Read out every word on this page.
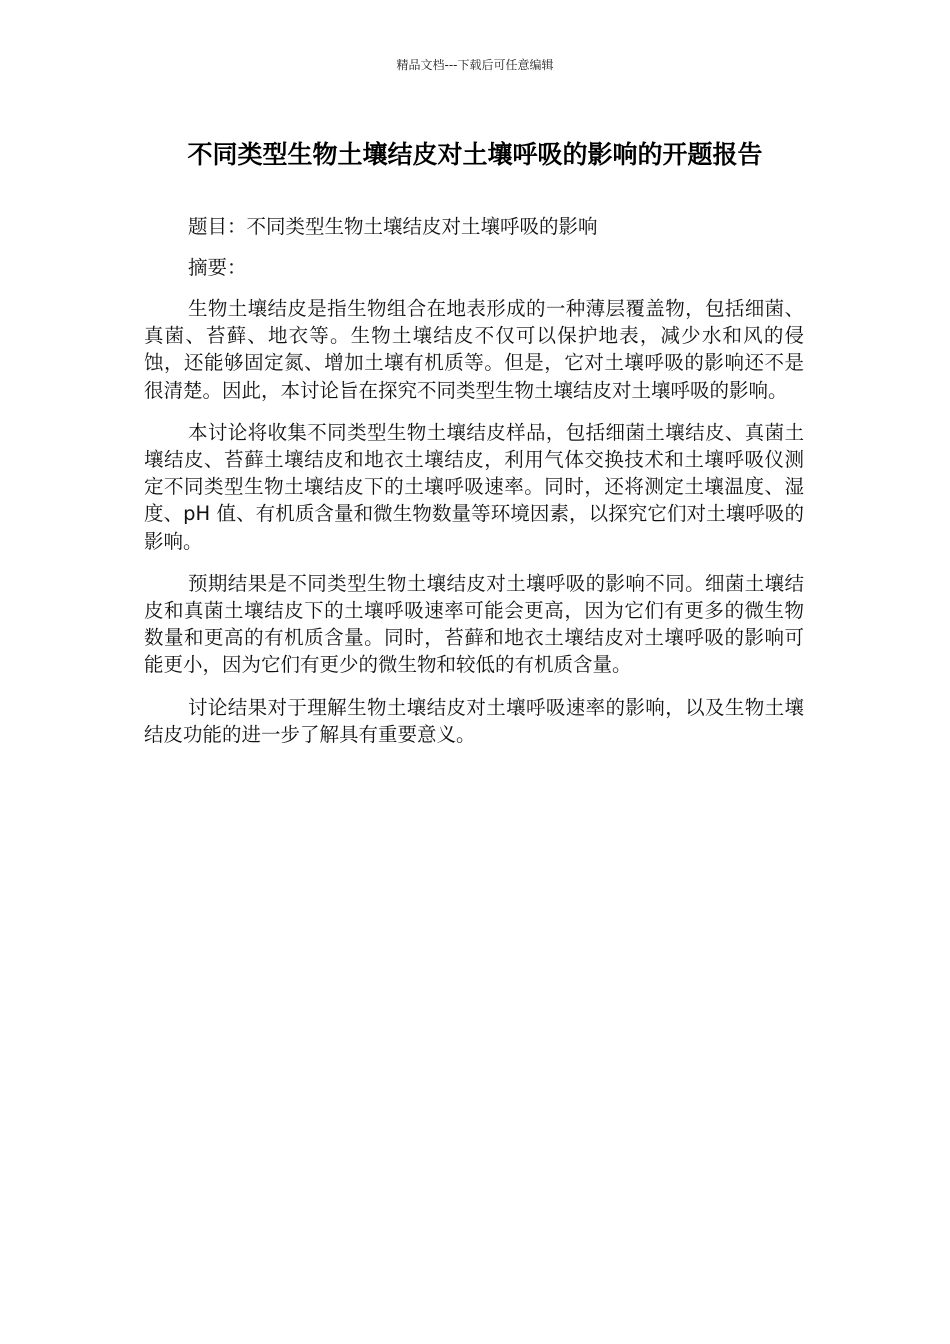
精品文档---下载后可任意编辑
不同类型生物土壤结皮对土壤呼吸的影响的开题报告

题目：不同类型生物土壤结皮对土壤呼吸的影响

摘要：

生物土壤结皮是指生物组合在地表形成的一种薄层覆盖物，包括细菌、真菌、苔藓、地衣等。生物土壤结皮不仅可以保护地表，减少水和风的侵蚀，还能够固定氮、增加土壤有机质等。但是，它对土壤呼吸的影响还不是很清楚。因此，本讨论旨在探究不同类型生物土壤结皮对土壤呼吸的影响。

本讨论将收集不同类型生物土壤结皮样品，包括细菌土壤结皮、真菌土壤结皮、苔藓土壤结皮和地衣土壤结皮，利用气体交换技术和土壤呼吸仪测定不同类型生物土壤结皮下的土壤呼吸速率。同时，还将测定土壤温度、湿度、pH 值、有机质含量和微生物数量等环境因素，以探究它们对土壤呼吸的影响。

预期结果是不同类型生物土壤结皮对土壤呼吸的影响不同。细菌土壤结皮和真菌土壤结皮下的土壤呼吸速率可能会更高，因为它们有更多的微生物数量和更高的有机质含量。同时，苔藓和地衣土壤结皮对土壤呼吸的影响可能更小，因为它们有更少的微生物和较低的有机质含量。

讨论结果对于理解生物土壤结皮对土壤呼吸速率的影响，以及生物土壤结皮功能的进一步了解具有重要意义。
